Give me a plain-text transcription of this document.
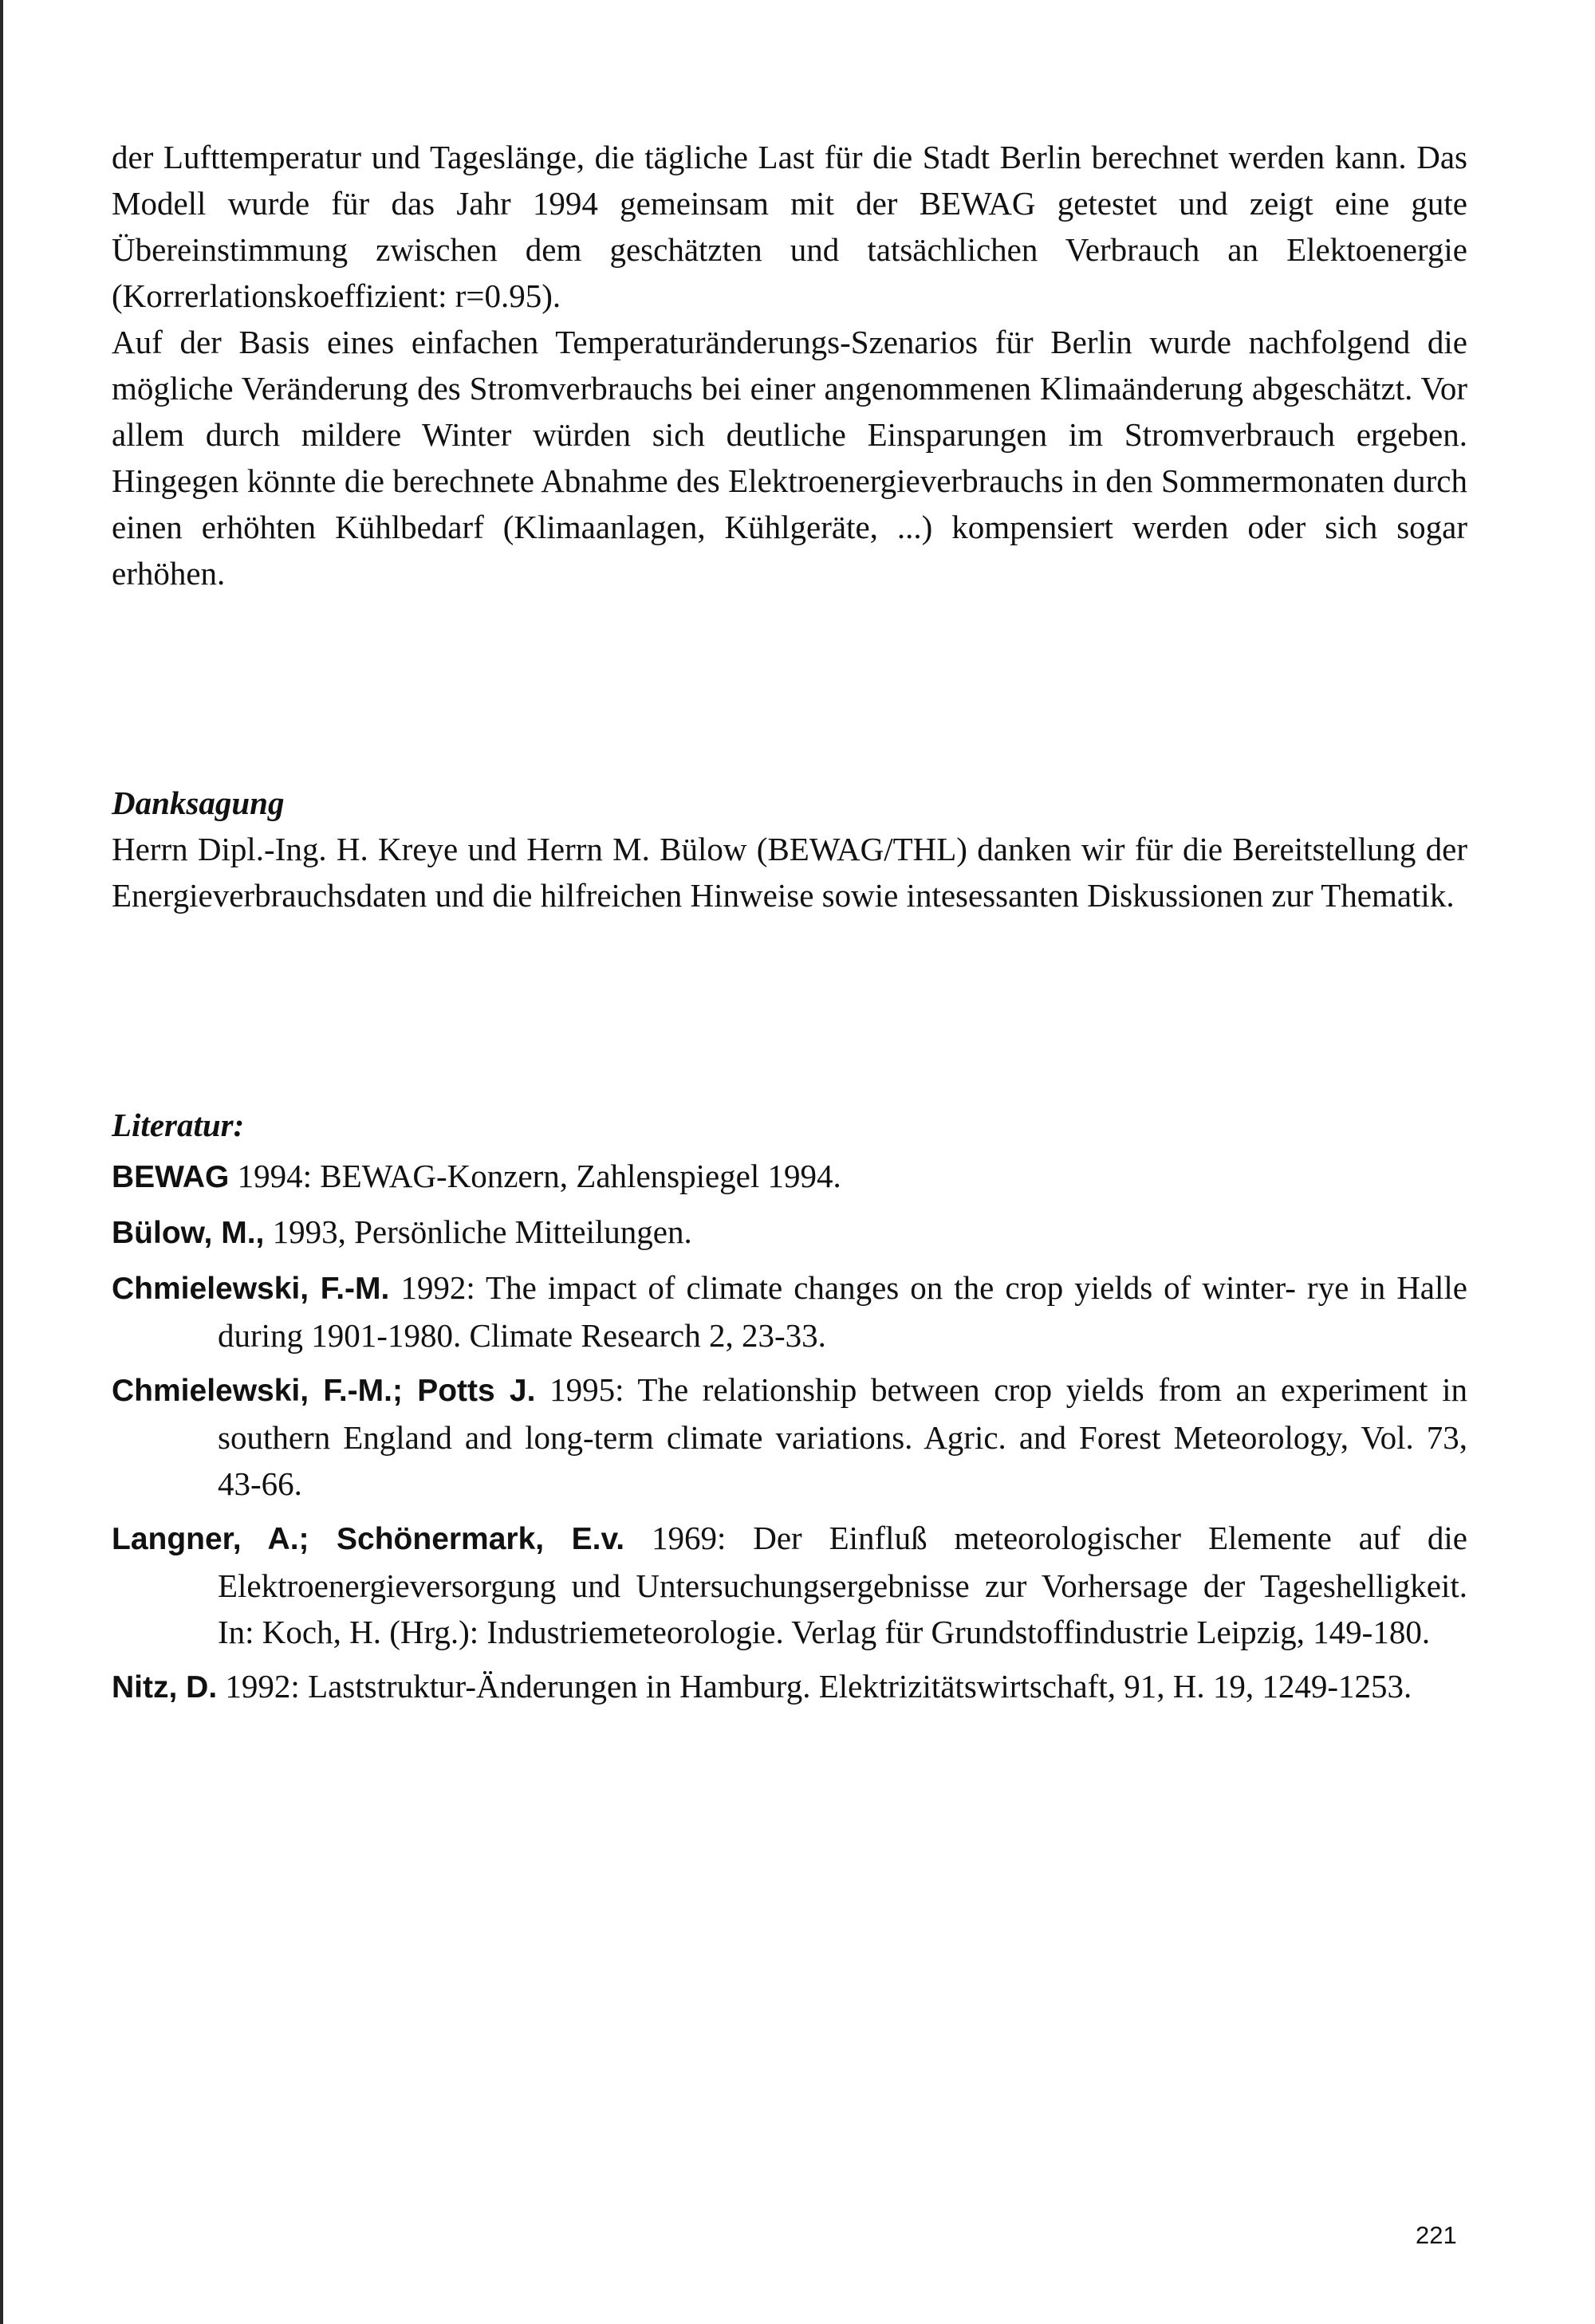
der Lufttemperatur und Tageslänge, die tägliche Last für die Stadt Berlin berechnet werden kann. Das Modell wurde für das Jahr 1994 gemeinsam mit der BEWAG getestet und zeigt eine gute Übereinstimmung zwischen dem geschätzten und tatsächlichen Verbrauch an Elektoenergie (Korrerlationskoeffizient: r=0.95).

Auf der Basis eines einfachen Temperaturänderungs-Szenarios für Berlin wurde nachfolgend die mögliche Veränderung des Stromverbrauchs bei einer angenommenen Klimaänderung abgeschätzt. Vor allem durch mildere Winter würden sich deutliche Einsparungen im Stromverbrauch ergeben. Hingegen könnte die berechnete Abnahme des Elektroenergieverbrauchs in den Sommermonaten durch einen erhöhten Kühlbedarf (Klimaanlagen, Kühlgeräte, ...) kompensiert werden oder sich sogar erhöhen.

Danksagung

Herrn Dipl.-Ing. H. Kreye und Herrn M. Bülow (BEWAG/THL) danken wir für die Bereitstellung der Energieverbrauchsdaten und die hilfreichen Hinweise sowie intesessanten Diskussionen zur Thematik.

Literatur:

BEWAG 1994: BEWAG-Konzern, Zahlenspiegel 1994.
Bülow, M., 1993, Persönliche Mitteilungen.
Chmielewski, F.-M. 1992: The impact of climate changes on the crop yields of winter- rye in Halle during 1901-1980. Climate Research 2, 23-33.
Chmielewski, F.-M.; Potts J. 1995: The relationship between crop yields from an experiment in southern England and long-term climate variations. Agric. and Forest Meteorology, Vol. 73, 43-66.
Langner, A.; Schönermark, E.v. 1969: Der Einfluß meteorologischer Elemente auf die Elektroenergieversorgung und Untersuchungsergebnisse zur Vorhersage der Tageshelligkeit. In: Koch, H. (Hrg.): Industriemeteorologie. Verlag für Grundstoffindustrie Leipzig, 149-180.
Nitz, D. 1992: Laststruktur-Änderungen in Hamburg. Elektrizitätswirtschaft, 91, H. 19, 1249-1253.
221
